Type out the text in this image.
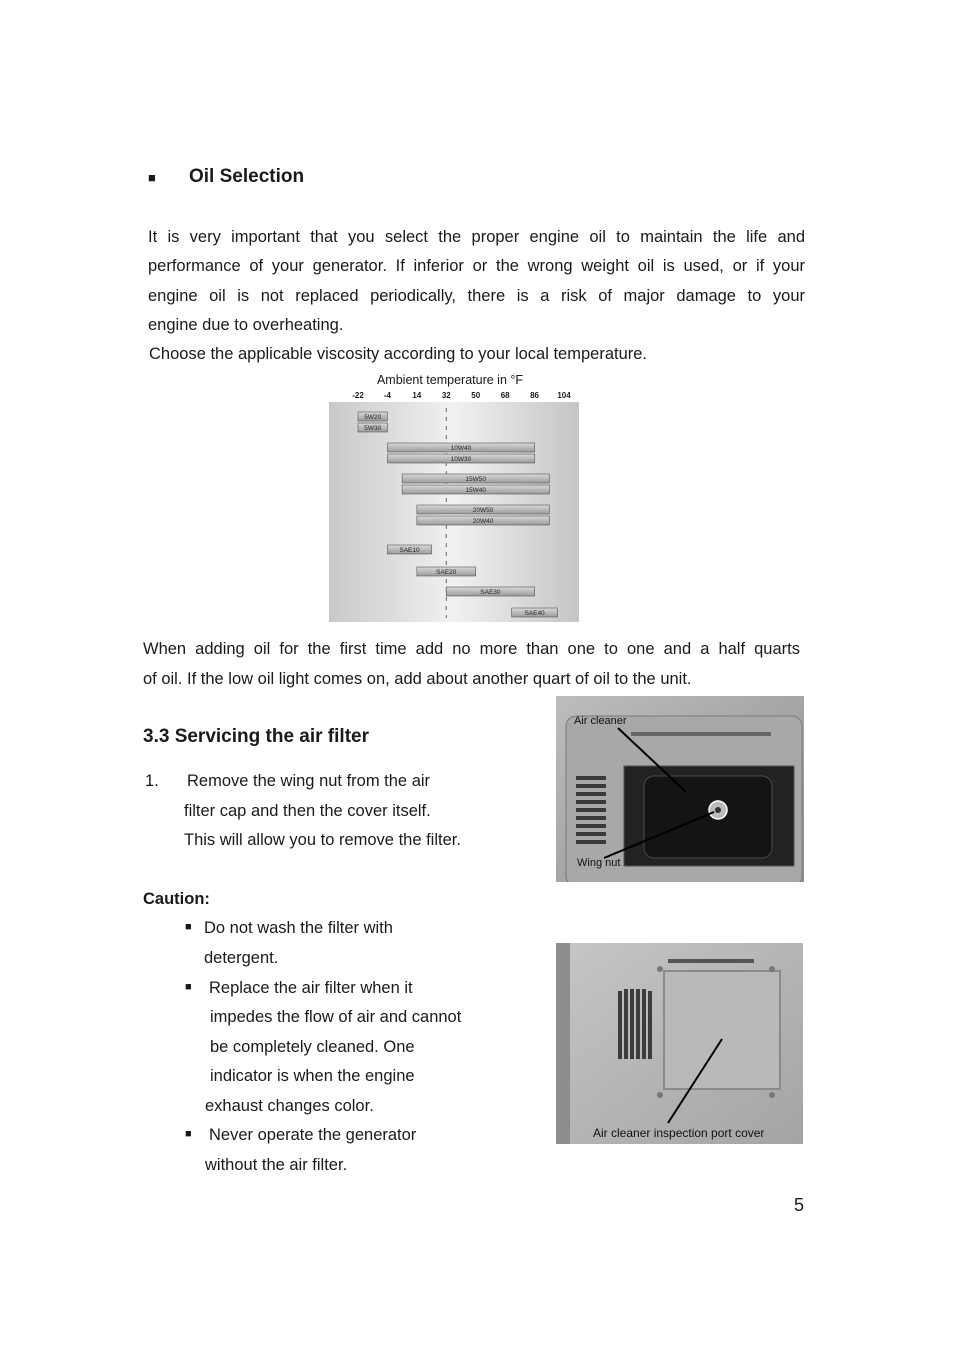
■ Oil Selection
It is very important that you select the proper engine oil to maintain the life and
performance of your generator. If inferior or the wrong weight oil is used, or if your
engine oil is not replaced periodically, there is a risk of major damage to your
engine due to overheating.
Choose the applicable viscosity according to your local temperature.
Ambient temperature in °F
-22	-4	14	32	50	68	86 104
5W20
5W30
10W40
10W30
15W50
15W40
20W50
20W40
SAE10
SAE20
SAE30
SAE40
When adding oil for the first time add no more than one to one and a half quarts
of oil. If the low oil light comes on, add about another quart of oil to the unit.
3.3 Servicing the air filter
1. Remove the wing nut from the air
filter cap and then the cover itself.
This will allow you to remove the filter.
Caution:
■ Do not wash the filter with
detergent.
■ Replace the air filter when it
impedes the flow of air and cannot
be completely cleaned. One
indicator is when the engine
exhaust changes color.
■ Never operate the generator
without the air filter.
Air cleaner
Wing nut
Air cleaner inspection port cover
5
